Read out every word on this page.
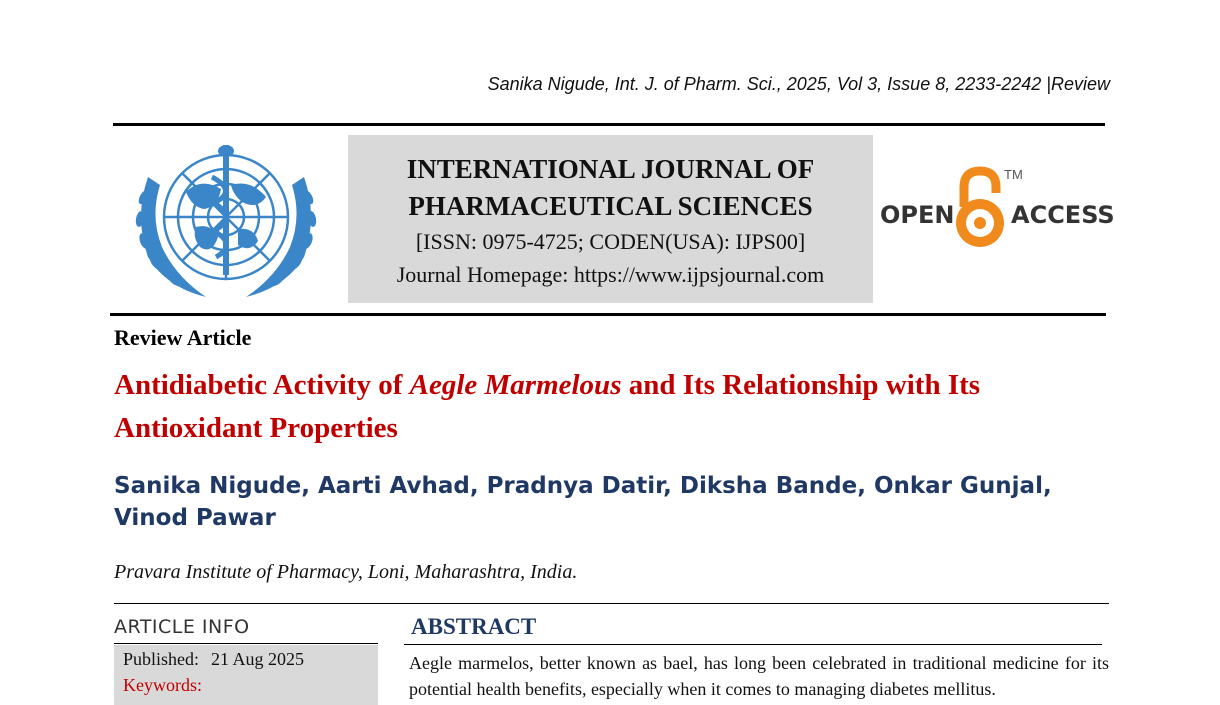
Sanika Nigude, Int. J. of Pharm. Sci., 2025, Vol 3, Issue 8, 2233-2242 |Review
INTERNATIONAL JOURNAL OF
PHARMACEUTICAL SCIENCES
[ISSN: 0975-4725; CODEN(USA): IJPS00]
Journal Homepage: https://www.ijpsjournal.com
OPEN
TM
ACCESS
Review Article
Antidiabetic Activity of Aegle Marmelous and Its Relationship with Its Antioxidant Properties
Sanika Nigude, Aarti Avhad, Pradnya Datir, Diksha Bande, Onkar Gunjal, Vinod Pawar
Pravara Institute of Pharmacy, Loni, Maharashtra, India.
ARTICLE INFO
Published: 21 Aug 2025
Keywords:
ABSTRACT
Aegle marmelos, better known as bael, has long been celebrated in traditional medicine for its potential health benefits, especially when it comes to managing diabetes mellitus.
